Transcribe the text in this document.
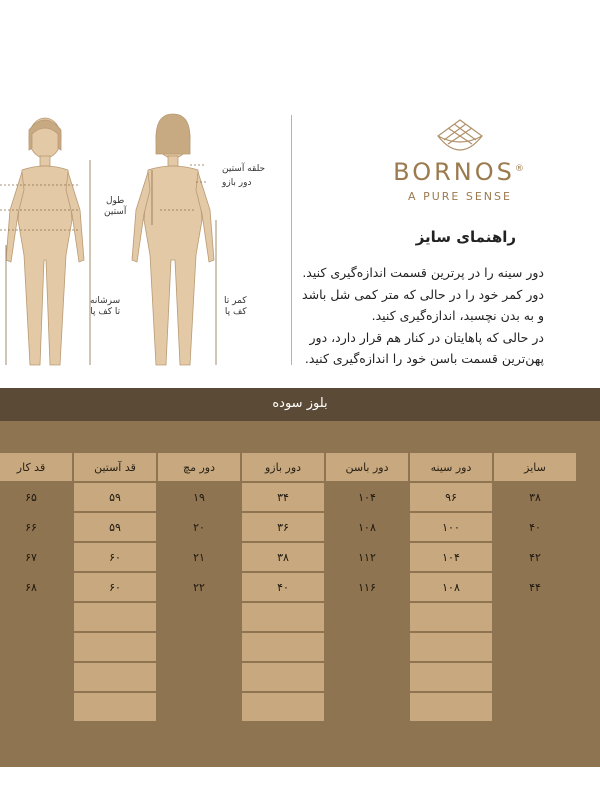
حلقه آستین
دور بازو
طول
آستین
کمر تا
کف پا
سرشانه
تا کف پا
BORNOS®
A PURE SENSE
راهنمای سایز
دور سینه را در پرترین قسمت اندازه‌گیری کنید.
دور کمر خود را در حالی که متر کمی شل باشد
و به بدن نچسبد، اندازه‌گیری کنید.
در حالی که پاهایتان در کنار هم قرار دارد، دور
پهن‌ترین قسمت باسن خود را اندازه‌گیری کنید.
بلوز سوده
سایز	دور سینه	دور باسن	دور بازو	دور مچ	قد آستین	قد کار
۳۸	۹۶	۱۰۴	۳۴	۱۹	۵۹	۶۵
۴۰	۱۰۰	۱۰۸	۳۶	۲۰	۵۹	۶۶
۴۲	۱۰۴	۱۱۲	۳۸	۲۱	۶۰	۶۷
۴۴	۱۰۸	۱۱۶	۴۰	۲۲	۶۰	۶۸
